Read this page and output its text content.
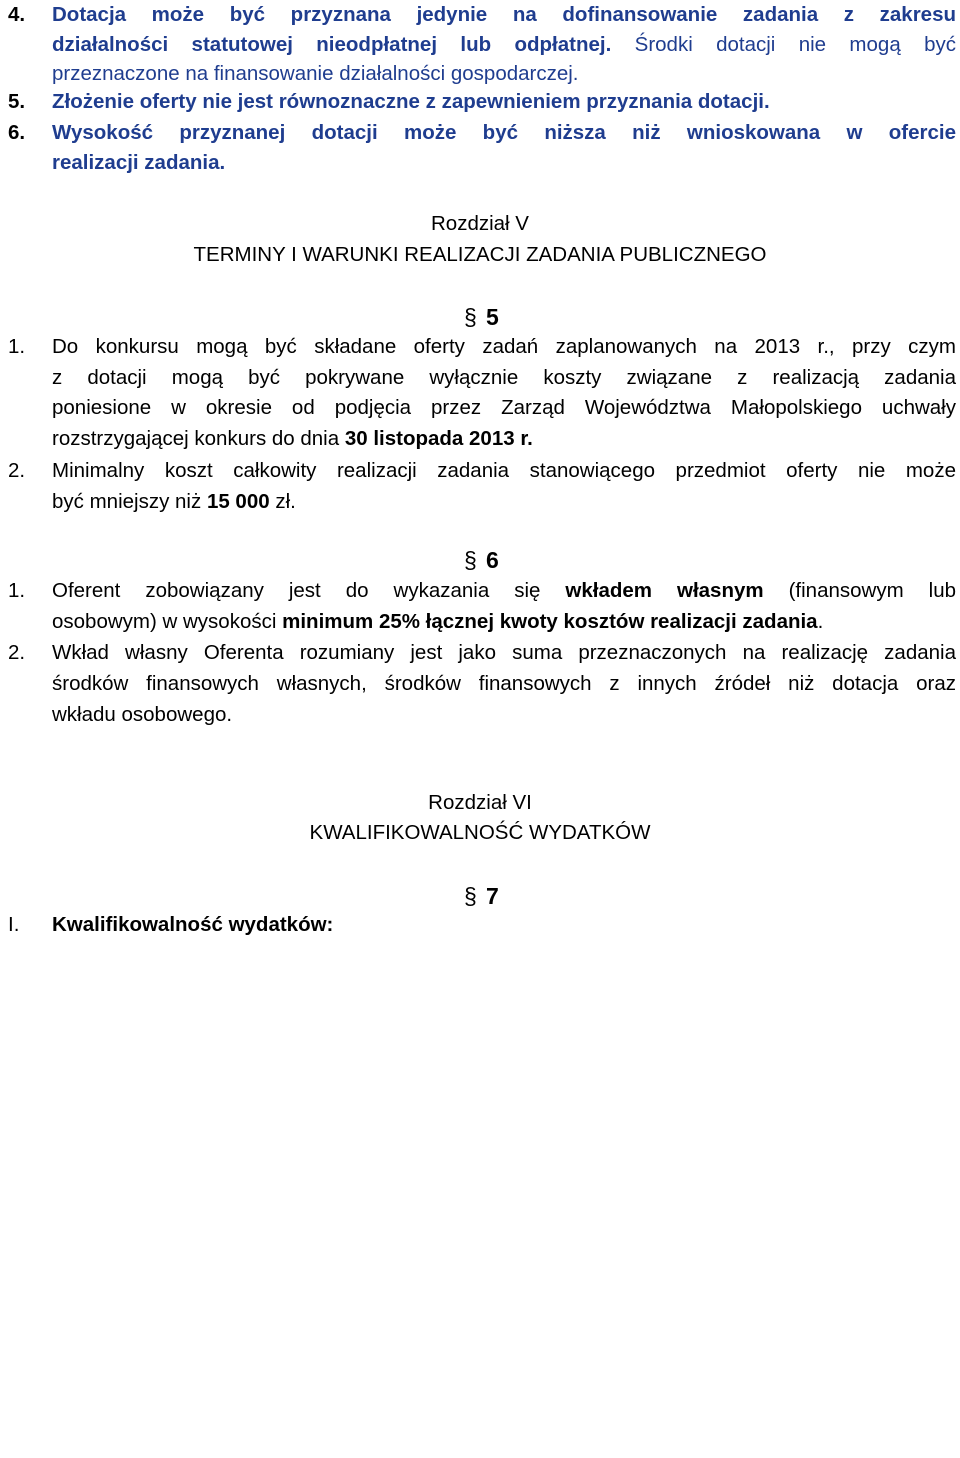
4. Dotacja może być przyznana jedynie na dofinansowanie zadania z zakresu
działalności statutowej nieodpłatnej lub odpłatnej. Środki dotacji nie mogą być
przeznaczone na finansowanie działalności gospodarczej.
5. Złożenie oferty nie jest równoznaczne z zapewnieniem przyznania dotacji.
6. Wysokość przyznanej dotacji może być niższa niż wnioskowana w ofercie
realizacji zadania.
Rozdział V
TERMINY I WARUNKI REALIZACJI ZADANIA PUBLICZNEGO
§ 5
1. Do konkursu mogą być składane oferty zadań zaplanowanych na 2013 r., przy czym
z dotacji mogą być pokrywane wyłącznie koszty związane z realizacją zadania
poniesione w okresie od podjęcia przez Zarząd Województwa Małopolskiego uchwały
rozstrzygającej konkurs do dnia 30 listopada 2013 r.
2. Minimalny koszt całkowity realizacji zadania stanowiącego przedmiot oferty nie może
być mniejszy niż 15 000 zł.
§ 6
1. Oferent zobowiązany jest do wykazania się wkładem własnym (finansowym lub
osobowym) w wysokości minimum 25% łącznej kwoty kosztów realizacji zadania.
2. Wkład własny Oferenta rozumiany jest jako suma przeznaczonych na realizację zadania
środków finansowych własnych, środków finansowych z innych źródeł niż dotacja oraz
wkładu osobowego.
Rozdział VI
KWALIFIKOWALNOŚĆ WYDATKÓW
§ 7
I. Kwalifikowalność wydatków:
